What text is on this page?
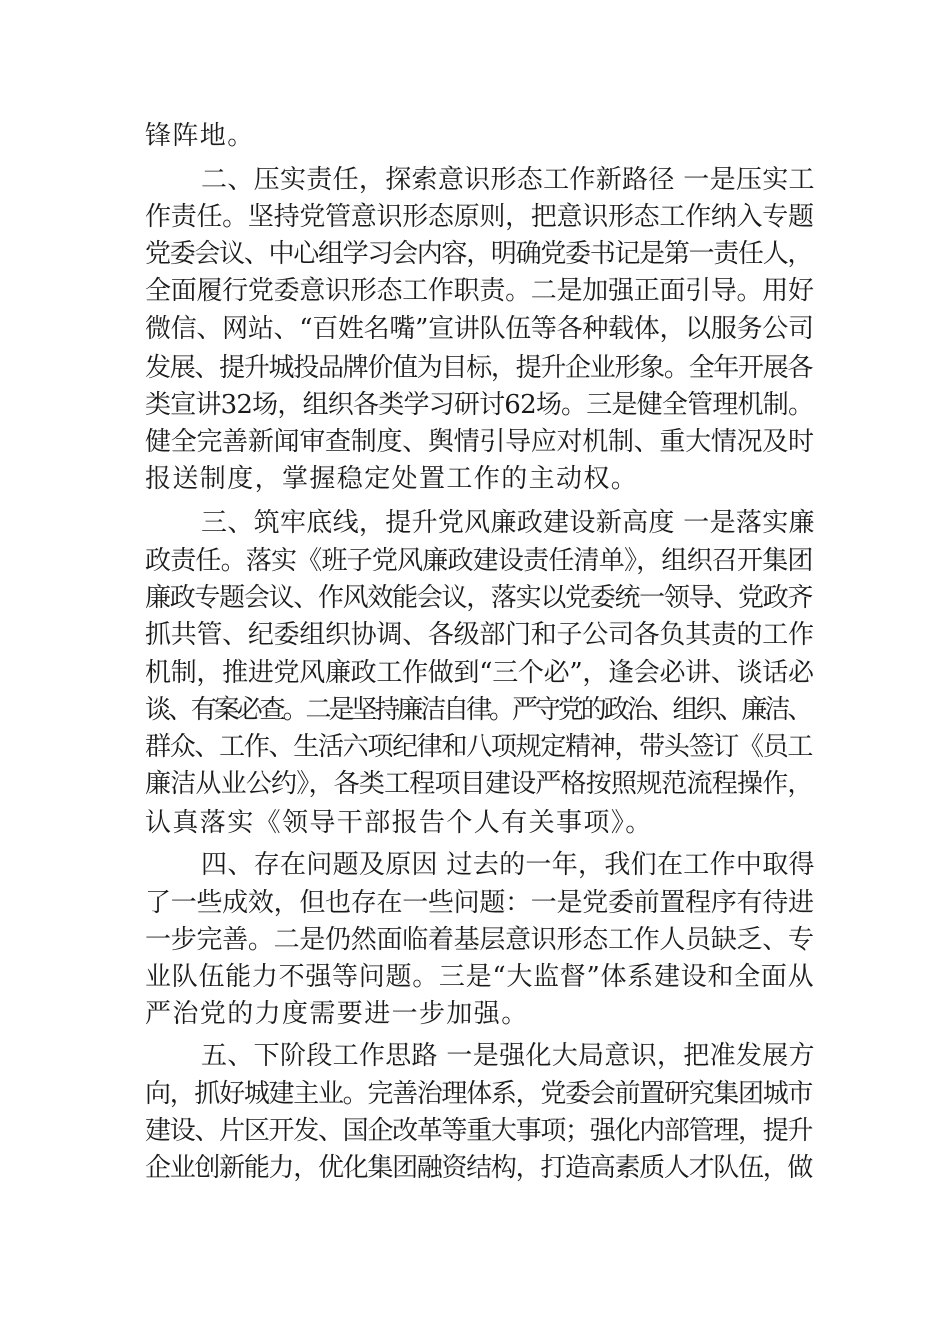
锋阵地。
二、压实责任，探索意识形态工作新路径 一是压实工
作责任。坚持党管意识形态原则，把意识形态工作纳入专题
党委会议、中心组学习会内容，明确党委书记是第一责任人，
全面履行党委意识形态工作职责。二是加强正面引导。用好
微信、网站、“百姓名嘴”宣讲队伍等各种载体，以服务公司
发展、提升城投品牌价值为目标，提升企业形象。全年开展各
类宣讲32场，组织各类学习研讨62场。三是健全管理机制。
健全完善新闻审查制度、舆情引导应对机制、重大情况及时
报送制度，掌握稳定处置工作的主动权。
三、筑牢底线，提升党风廉政建设新高度 一是落实廉
政责任。落实《班子党风廉政建设责任清单》，组织召开集团
廉政专题会议、作风效能会议，落实以党委统一领导、党政齐
抓共管、纪委组织协调、各级部门和子公司各负其责的工作
机制，推进党风廉政工作做到“三个必”，逢会必讲、谈话必
谈、有案必查。二是坚持廉洁自律。严守党的政治、组织、廉洁、
群众、工作、生活六项纪律和八项规定精神，带头签订《员工
廉洁从业公约》，各类工程项目建设严格按照规范流程操作，
认真落实《领导干部报告个人有关事项》。
四、存在问题及原因 过去的一年，我们在工作中取得
了一些成效，但也存在一些问题：一是党委前置程序有待进
一步完善。二是仍然面临着基层意识形态工作人员缺乏、专
业队伍能力不强等问题。三是“大监督”体系建设和全面从
严治党的力度需要进一步加强。
五、下阶段工作思路 一是强化大局意识，把准发展方
向，抓好城建主业。完善治理体系，党委会前置研究集团城市
建设、片区开发、国企改革等重大事项；强化内部管理，提升
企业创新能力，优化集团融资结构，打造高素质人才队伍，做
